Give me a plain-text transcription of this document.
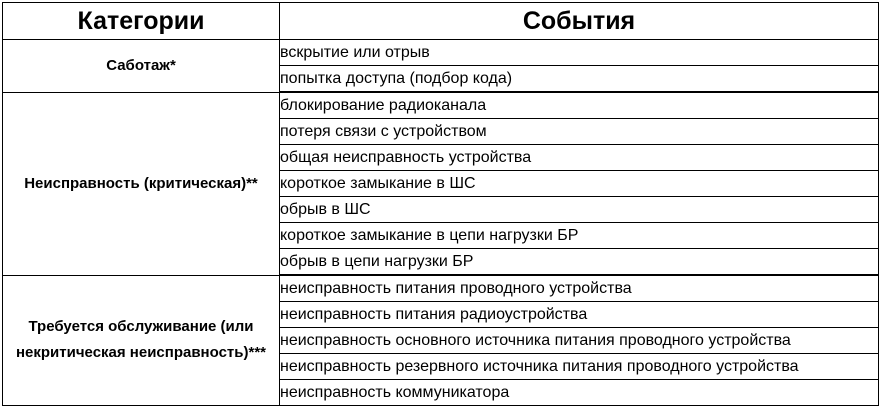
Категории	События
Саботаж*	вскрытие или отрыв
	попытка доступа (подбор кода)
Неисправность (критическая)**	блокирование радиоканала
	потеря связи с устройством
	общая неисправность устройства
	короткое замыкание в ШС
	обрыв в ШС
	короткое замыкание в цепи нагрузки БР
	обрыв в цепи нагрузки БР
Требуется обслуживание (или некритическая неисправность)***	неисправность питания проводного устройства
	неисправность питания радиоустройства
	неисправность основного источника питания проводного устройства
	неисправность резервного источника питания проводного устройства
	неисправность коммуникатора
